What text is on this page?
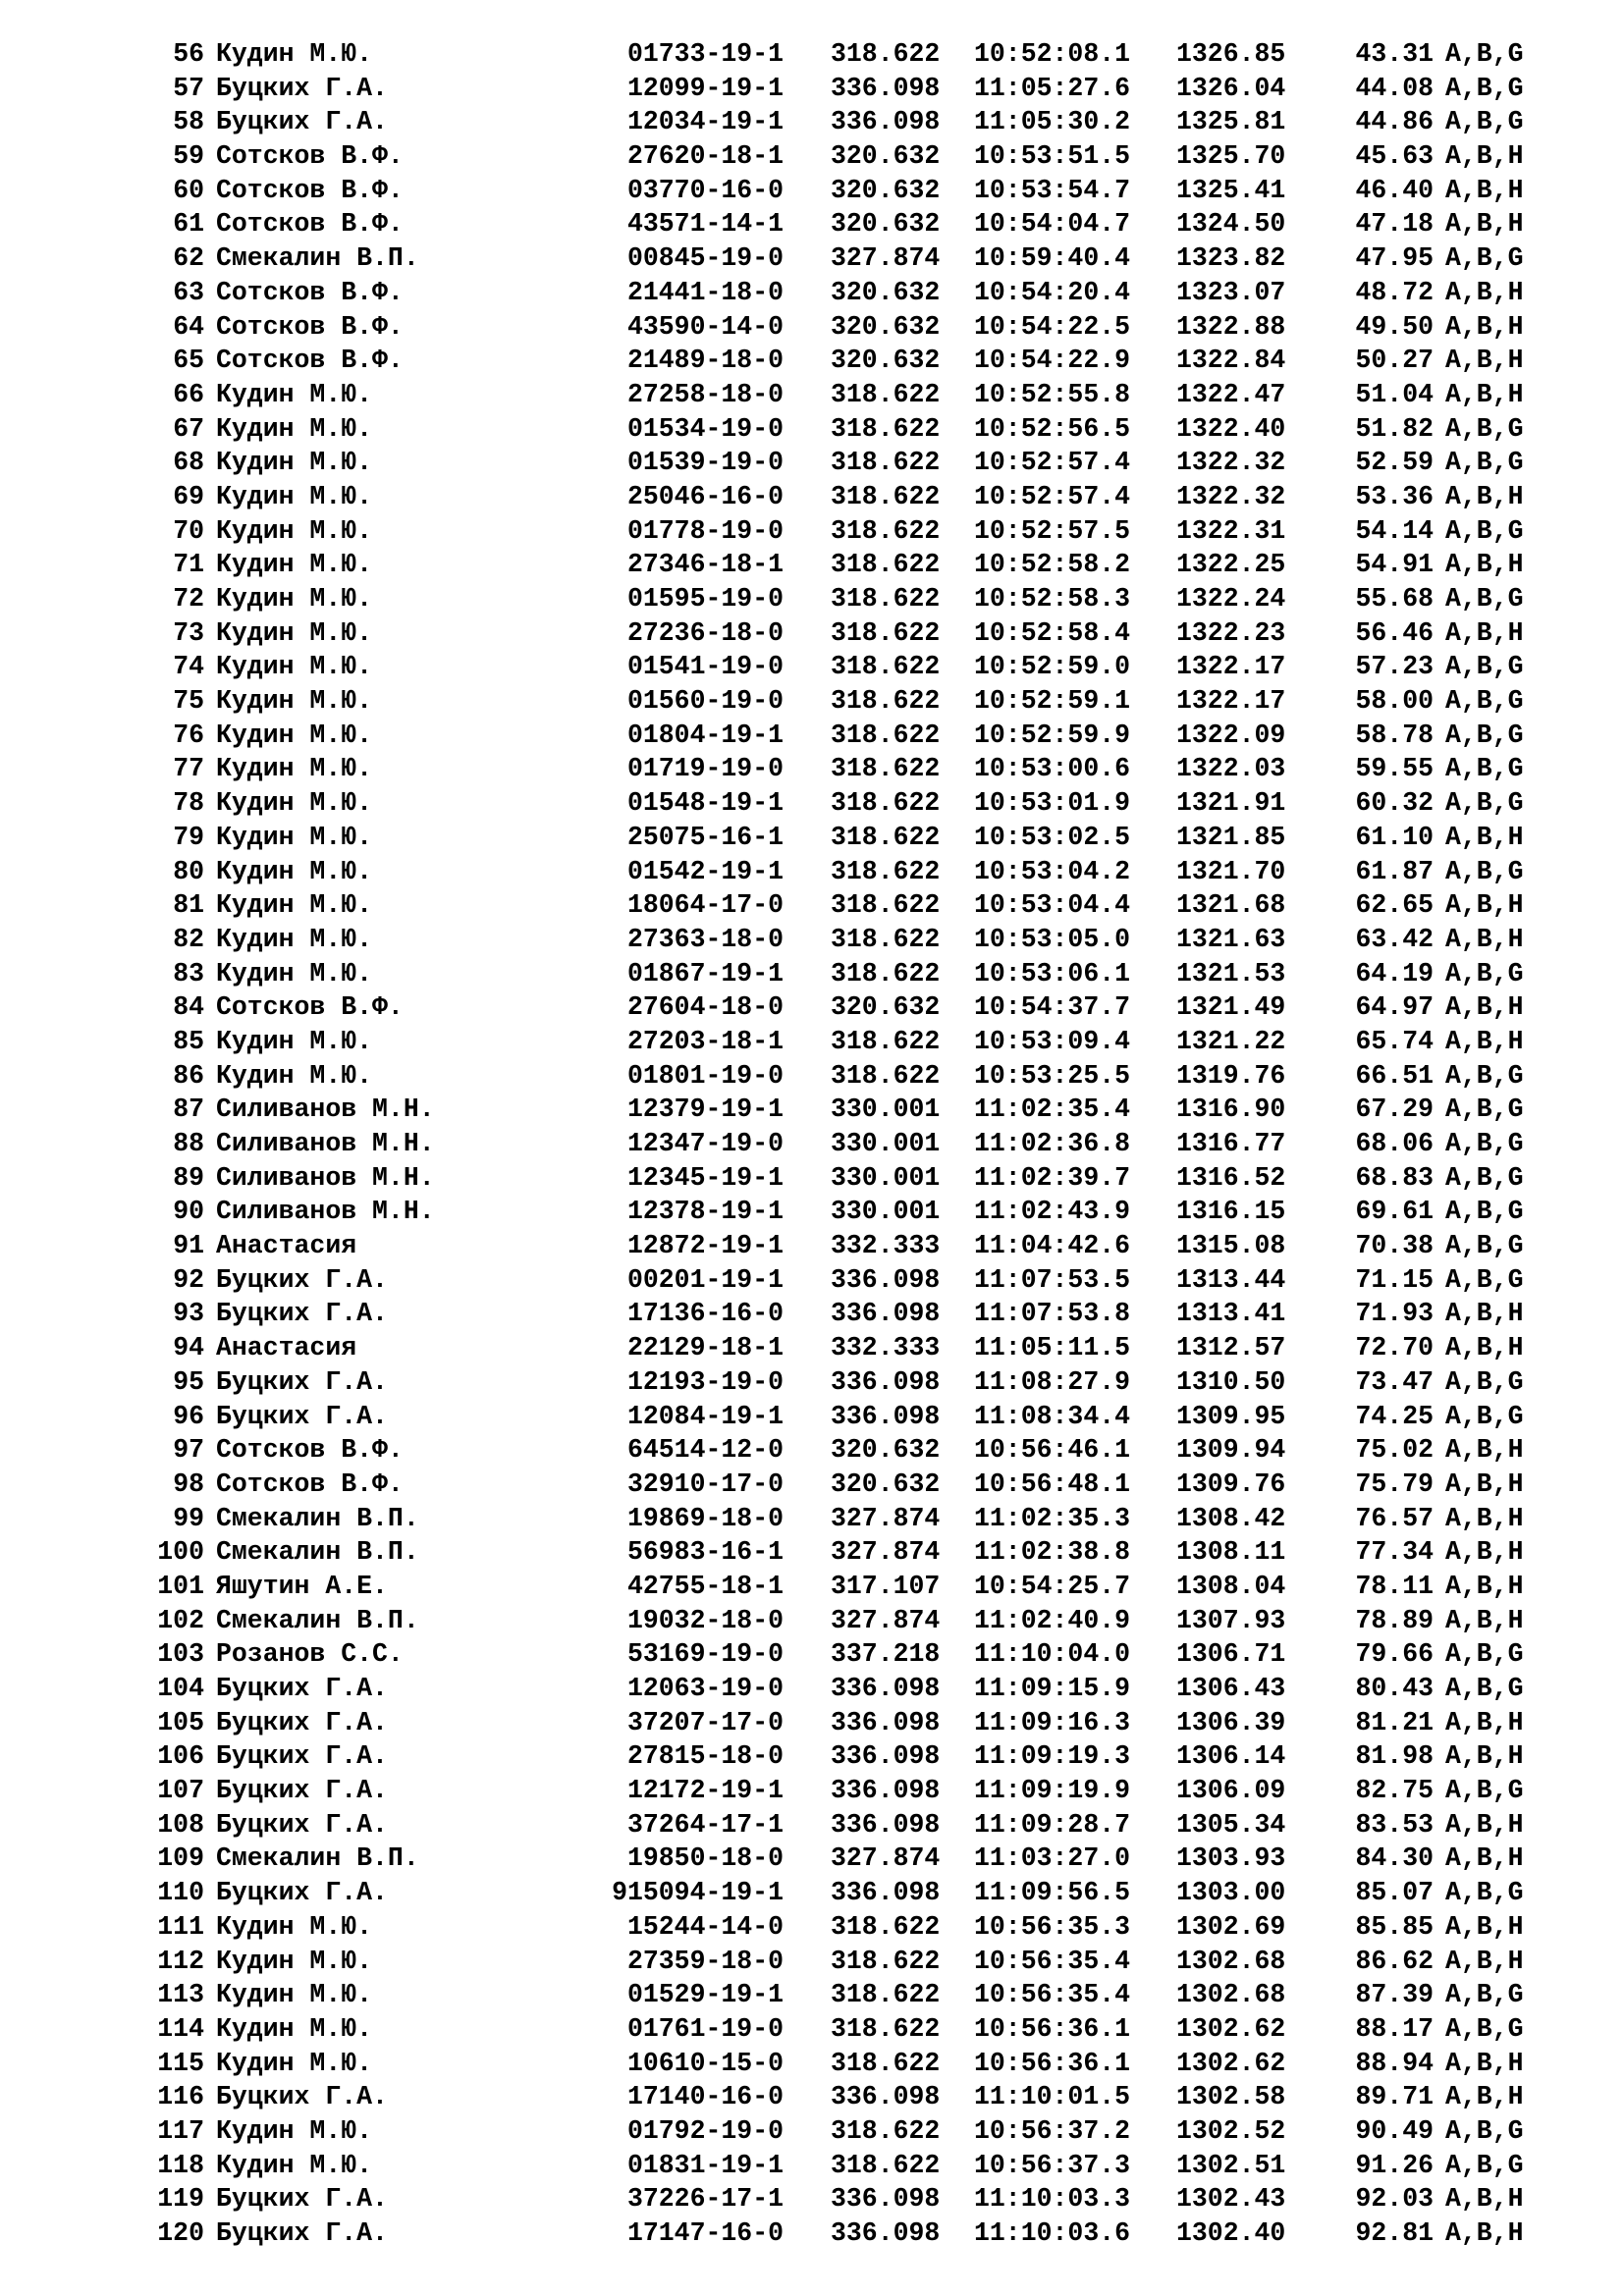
56 Кудин М.Ю.	01733-19-1 318.622 10:52:08.1 1326.85	43.31 A,B,G
57 Буцких Г.А.	12099-19-1 336.098 11:05:27.6 1326.04	44.08 A,B,G
58 Буцких Г.А.	12034-19-1 336.098 11:05:30.2 1325.81	44.86 A,B,G
59 Сотсков В.Ф.	27620-18-1 320.632 10:53:51.5 1325.70	45.63 A,B,H
60 Сотсков В.Ф.	03770-16-0 320.632 10:53:54.7 1325.41	46.40 A,B,H
61 Сотсков В.Ф.	43571-14-1 320.632 10:54:04.7 1324.50	47.18 A,B,H
62 Смекалин В.П.	00845-19-0 327.874 10:59:40.4 1323.82	47.95 A,B,G
63 Сотсков В.Ф.	21441-18-0 320.632 10:54:20.4 1323.07	48.72 A,B,H
64 Сотсков В.Ф.	43590-14-0 320.632 10:54:22.5 1322.88	49.50 A,B,H
65 Сотсков В.Ф.	21489-18-0 320.632 10:54:22.9 1322.84	50.27 A,B,H
66 Кудин М.Ю.	27258-18-0 318.622 10:52:55.8 1322.47	51.04 A,B,H
67 Кудин М.Ю.	01534-19-0 318.622 10:52:56.5 1322.40	51.82 A,B,G
68 Кудин М.Ю.	01539-19-0 318.622 10:52:57.4 1322.32	52.59 A,B,G
69 Кудин М.Ю.	25046-16-0 318.622 10:52:57.4 1322.32	53.36 A,B,H
70 Кудин М.Ю.	01778-19-0 318.622 10:52:57.5 1322.31	54.14 A,B,G
71 Кудин М.Ю.	27346-18-1 318.622 10:52:58.2 1322.25	54.91 A,B,H
72 Кудин М.Ю.	01595-19-0 318.622 10:52:58.3 1322.24	55.68 A,B,G
73 Кудин М.Ю.	27236-18-0 318.622 10:52:58.4 1322.23	56.46 A,B,H
74 Кудин М.Ю.	01541-19-0 318.622 10:52:59.0 1322.17	57.23 A,B,G
75 Кудин М.Ю.	01560-19-0 318.622 10:52:59.1 1322.17	58.00 A,B,G
76 Кудин М.Ю.	01804-19-1 318.622 10:52:59.9 1322.09	58.78 A,B,G
77 Кудин М.Ю.	01719-19-0 318.622 10:53:00.6 1322.03	59.55 A,B,G
78 Кудин М.Ю.	01548-19-1 318.622 10:53:01.9 1321.91	60.32 A,B,G
79 Кудин М.Ю.	25075-16-1 318.622 10:53:02.5 1321.85	61.10 A,B,H
80 Кудин М.Ю.	01542-19-1 318.622 10:53:04.2 1321.70	61.87 A,B,G
81 Кудин М.Ю.	18064-17-0 318.622 10:53:04.4 1321.68	62.65 A,B,H
82 Кудин М.Ю.	27363-18-0 318.622 10:53:05.0 1321.63	63.42 A,B,H
83 Кудин М.Ю.	01867-19-1 318.622 10:53:06.1 1321.53	64.19 A,B,G
84 Сотсков В.Ф.	27604-18-0 320.632 10:54:37.7 1321.49	64.97 A,B,H
85 Кудин М.Ю.	27203-18-1 318.622 10:53:09.4 1321.22	65.74 A,B,H
86 Кудин М.Ю.	01801-19-0 318.622 10:53:25.5 1319.76	66.51 A,B,G
87 Силиванов М.Н.	12379-19-1 330.001 11:02:35.4 1316.90	67.29 A,B,G
88 Силиванов М.Н.	12347-19-0 330.001 11:02:36.8 1316.77	68.06 A,B,G
89 Силиванов М.Н.	12345-19-1 330.001 11:02:39.7 1316.52	68.83 A,B,G
90 Силиванов М.Н.	12378-19-1 330.001 11:02:43.9 1316.15	69.61 A,B,G
91 Анастасия	12872-19-1 332.333 11:04:42.6 1315.08	70.38 A,B,G
92 Буцких Г.А.	00201-19-1 336.098 11:07:53.5 1313.44	71.15 A,B,G
93 Буцких Г.А.	17136-16-0 336.098 11:07:53.8 1313.41	71.93 A,B,H
94 Анастасия	22129-18-1 332.333 11:05:11.5 1312.57	72.70 A,B,H
95 Буцких Г.А.	12193-19-0 336.098 11:08:27.9 1310.50	73.47 A,B,G
96 Буцких Г.А.	12084-19-1 336.098 11:08:34.4 1309.95	74.25 A,B,G
97 Сотсков В.Ф.	64514-12-0 320.632 10:56:46.1 1309.94	75.02 A,B,H
98 Сотсков В.Ф.	32910-17-0 320.632 10:56:48.1 1309.76	75.79 A,B,H
99 Смекалин В.П.	19869-18-0 327.874 11:02:35.3 1308.42	76.57 A,B,H
100 Смекалин В.П.	56983-16-1 327.874 11:02:38.8 1308.11	77.34 A,B,H
101 Яшутин А.Е.	42755-18-1 317.107 10:54:25.7 1308.04	78.11 A,B,H
102 Смекалин В.П.	19032-18-0 327.874 11:02:40.9 1307.93	78.89 A,B,H
103 Розанов С.С.	53169-19-0 337.218 11:10:04.0 1306.71	79.66 A,B,G
104 Буцких Г.А.	12063-19-0 336.098 11:09:15.9 1306.43	80.43 A,B,G
105 Буцких Г.А.	37207-17-0 336.098 11:09:16.3 1306.39	81.21 A,B,H
106 Буцких Г.А.	27815-18-0 336.098 11:09:19.3 1306.14	81.98 A,B,H
107 Буцких Г.А.	12172-19-1 336.098 11:09:19.9 1306.09	82.75 A,B,G
108 Буцких Г.А.	37264-17-1 336.098 11:09:28.7 1305.34	83.53 A,B,H
109 Смекалин В.П.	19850-18-0 327.874 11:03:27.0 1303.93	84.30 A,B,H
110 Буцких Г.А.	915094-19-1 336.098 11:09:56.5 1303.00	85.07 A,B,G
111 Кудин М.Ю.	15244-14-0 318.622 10:56:35.3 1302.69	85.85 A,B,H
112 Кудин М.Ю.	27359-18-0 318.622 10:56:35.4 1302.68	86.62 A,B,H
113 Кудин М.Ю.	01529-19-1 318.622 10:56:35.4 1302.68	87.39 A,B,G
114 Кудин М.Ю.	01761-19-0 318.622 10:56:36.1 1302.62	88.17 A,B,G
115 Кудин М.Ю.	10610-15-0 318.622 10:56:36.1 1302.62	88.94 A,B,H
116 Буцких Г.А.	17140-16-0 336.098 11:10:01.5 1302.58	89.71 A,B,H
117 Кудин М.Ю.	01792-19-0 318.622 10:56:37.2 1302.52	90.49 A,B,G
118 Кудин М.Ю.	01831-19-1 318.622 10:56:37.3 1302.51	91.26 A,B,G
119 Буцких Г.А.	37226-17-1 336.098 11:10:03.3 1302.43	92.03 A,B,H
120 Буцких Г.А.	17147-16-0 336.098 11:10:03.6 1302.40	92.81 A,B,H
